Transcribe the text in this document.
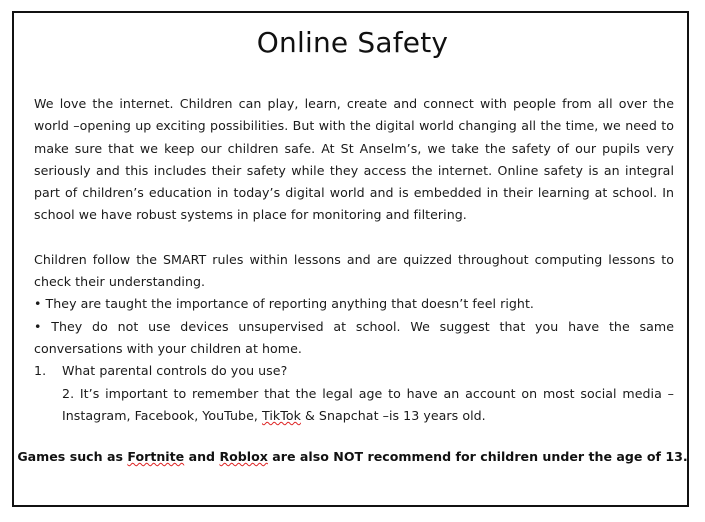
Online Safety

We love the internet. Children can play, learn, create and connect with people from all over the world –opening up exciting possibilities. But with the digital world changing all the time, we need to make sure that we keep our children safe. At St Anselm’s, we take the safety of our pupils very seriously and this includes their safety while they access the internet. Online safety is an integral part of children’s education in today’s digital world and is embedded in their learning at school. In school we have robust systems in place for monitoring and filtering.

Children follow the SMART rules within lessons and are quizzed throughout computing lessons to check their understanding.

• They are taught the importance of reporting anything that doesn’t feel right.

• They do not use devices unsupervised at school. We suggest that you have the same conversations with your children at home.

1.	What parental controls do you use?

2. It’s important to remember that the legal age to have an account on most social media – Instagram, Facebook, YouTube, TikTok & Snapchat –is 13 years old.

Games such as Fortnite and Roblox are also NOT recommend for children under the age of 13.
